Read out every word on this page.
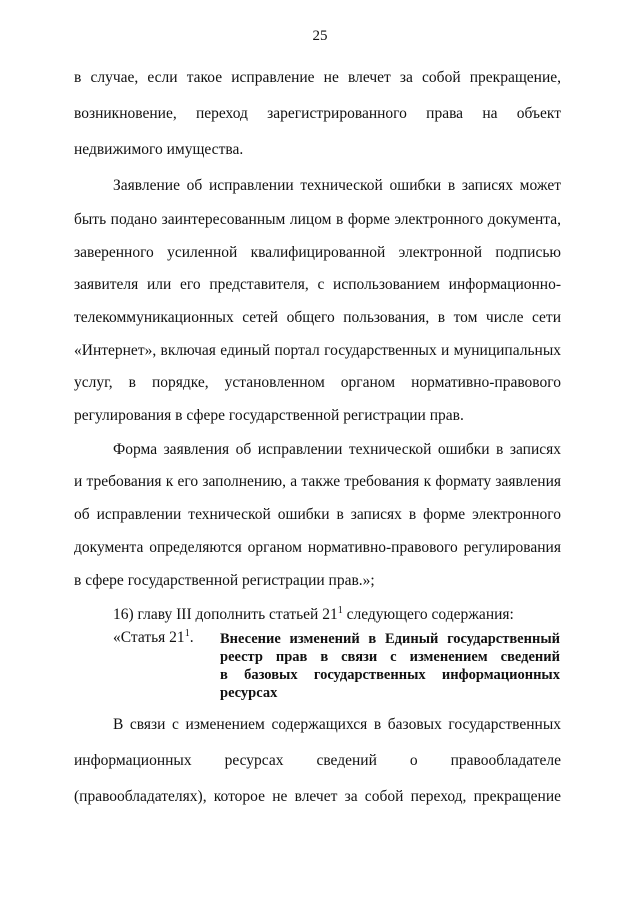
25
в случае, если такое исправление не влечет за собой прекращение,
возникновение, переход зарегистрированного права на объект
недвижимого имущества.
Заявление об исправлении технической ошибки в записях может
быть подано заинтересованным лицом в форме электронного документа,
заверенного усиленной квалифицированной электронной подписью
заявителя или его представителя, с использованием информационно-
телекоммуникационных сетей общего пользования, в том числе сети
«Интернет», включая единый портал государственных и муниципальных
услуг, в порядке, установленном органом нормативно-правового
регулирования в сфере государственной регистрации прав.
Форма заявления об исправлении технической ошибки в записях
и требования к его заполнению, а также требования к формату заявления
об исправлении технической ошибки в записях в форме электронного
документа определяются органом нормативно-правового регулирования
в сфере государственной регистрации прав.»;
16) главу III дополнить статьей $21^1$ следующего содержания:
«Статья $21^1$. Внесение изменений в Единый государственный
реестр прав в связи с изменением сведений
в базовых государственных информационных
ресурсах
В связи с изменением содержащихся в базовых государственных
информационных ресурсах сведений о правообладателе
(правообладателях), которое не влечет за собой переход, прекращение
